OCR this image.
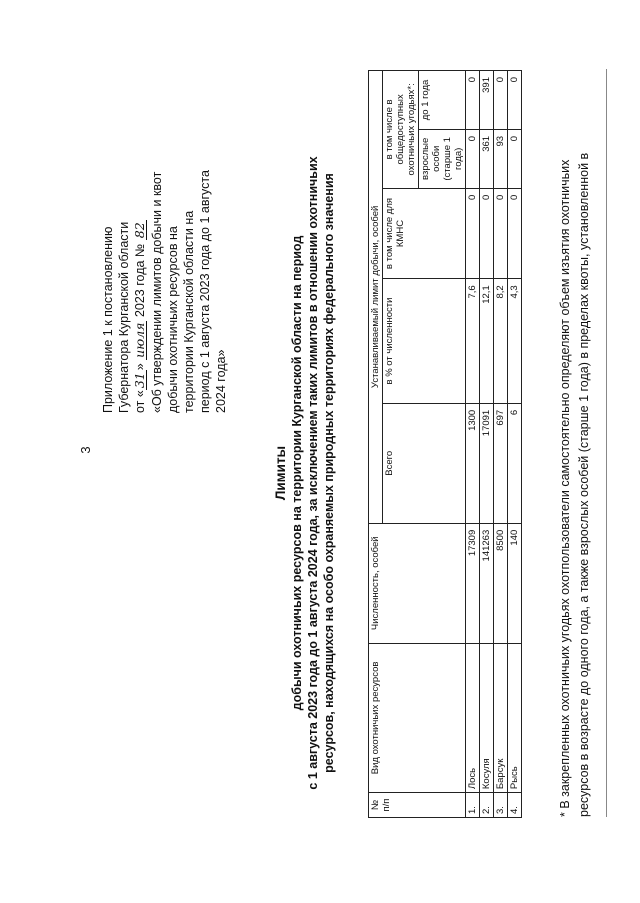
3
Приложение 1 к постановлению Губернатора Курганской области от «31» июля 2023 года № 82 «Об утверждении лимитов добычи и квот добычи охотничьих ресурсов на территории Курганской области на период с 1 августа 2023 года до 1 августа 2024 года»
Лимиты добычи охотничьих ресурсов на территории Курганской области на период с 1 августа 2023 года до 1 августа 2024 года, за исключением таких лимитов в отношении охотничьих ресурсов, находящихся на особо охраняемых природных территориях федерального значения
№ п/п	Вид охотничьих ресурсов	Численность, особей	Устанавливаемый лимит добычи, особей				
			Всего	в % от численности	в том числе для КМНС	в том числе в общедоступных охотничьих угодьях*:	
						взрослые особи (старше 1 года)	до 1 года
1.	Лось	17309	1300	7,6	0	0	0
2.	Косуля	141263	17091	12,1	0	361	391
3.	Барсук	8500	697	8,2	0	93	0
4.	Рысь	140	6	4,3	0	0	0
* В закрепленных охотничьих угодьях охотпользователи самостоятельно определяют объем изъятия охотничьих ресурсов в возрасте до одного года, а также взрослых особей (старше 1 года) в пределах квоты, установленной в
